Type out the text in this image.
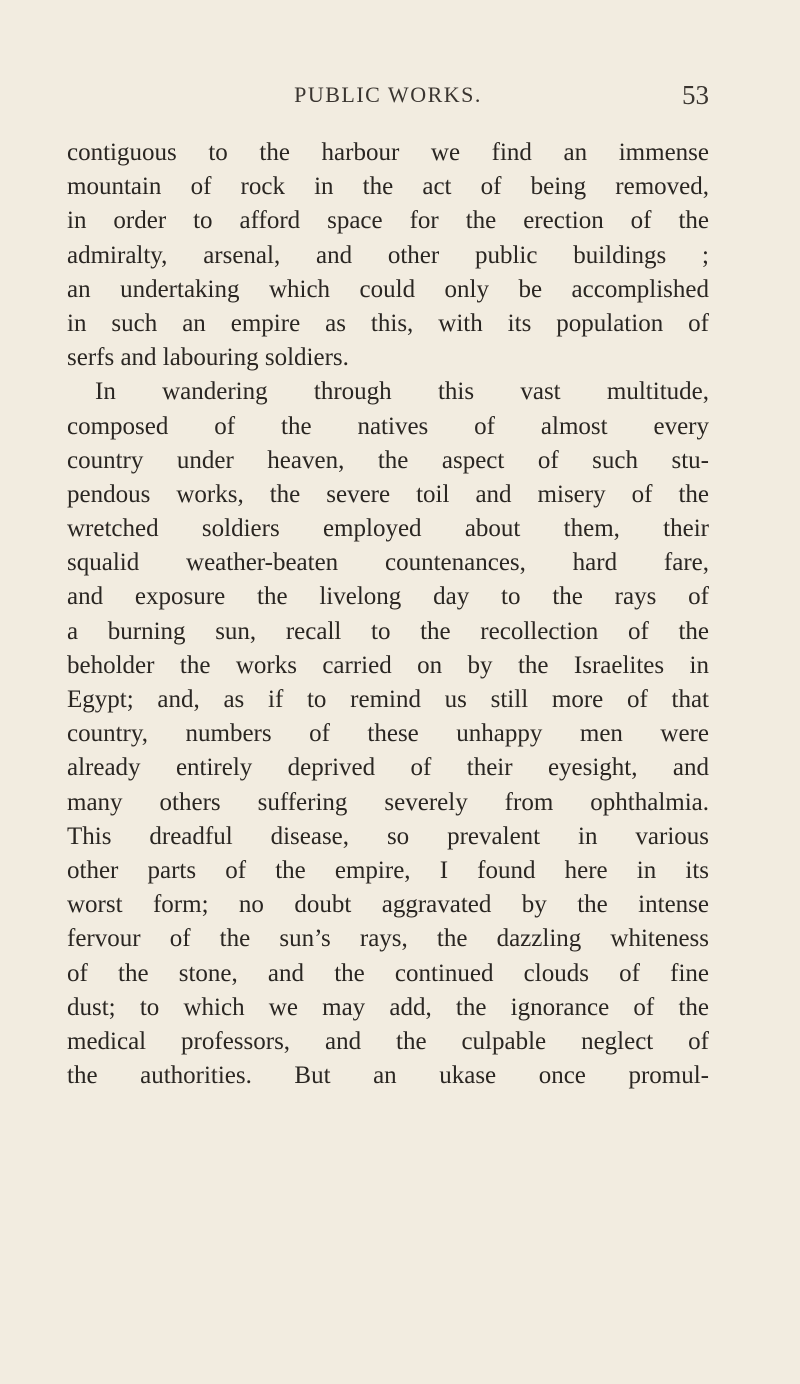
PUBLIC WORKS.	53
contiguous to the harbour we find an immense
mountain of rock in the act of being removed,
in order to afford space for the erection of the
admiralty, arsenal, and other public buildings ;
an undertaking which could only be accomplished
in such an empire as this, with its population of
serfs and labouring soldiers.
In wandering through this vast multitude,
composed of the natives of almost every
country under heaven, the aspect of such stu-
pendous works, the severe toil and misery of the
wretched soldiers employed about them, their
squalid weather-beaten countenances, hard fare,
and exposure the livelong day to the rays of
a burning sun, recall to the recollection of the
beholder the works carried on by the Israelites in
Egypt; and, as if to remind us still more of that
country, numbers of these unhappy men were
already entirely deprived of their eyesight, and
many others suffering severely from ophthalmia.
This dreadful disease, so prevalent in various
other parts of the empire, I found here in its
worst form; no doubt aggravated by the intense
fervour of the sun’s rays, the dazzling whiteness
of the stone, and the continued clouds of fine
dust; to which we may add, the ignorance of the
medical professors, and the culpable neglect of
the authorities. But an ukase once promul-
